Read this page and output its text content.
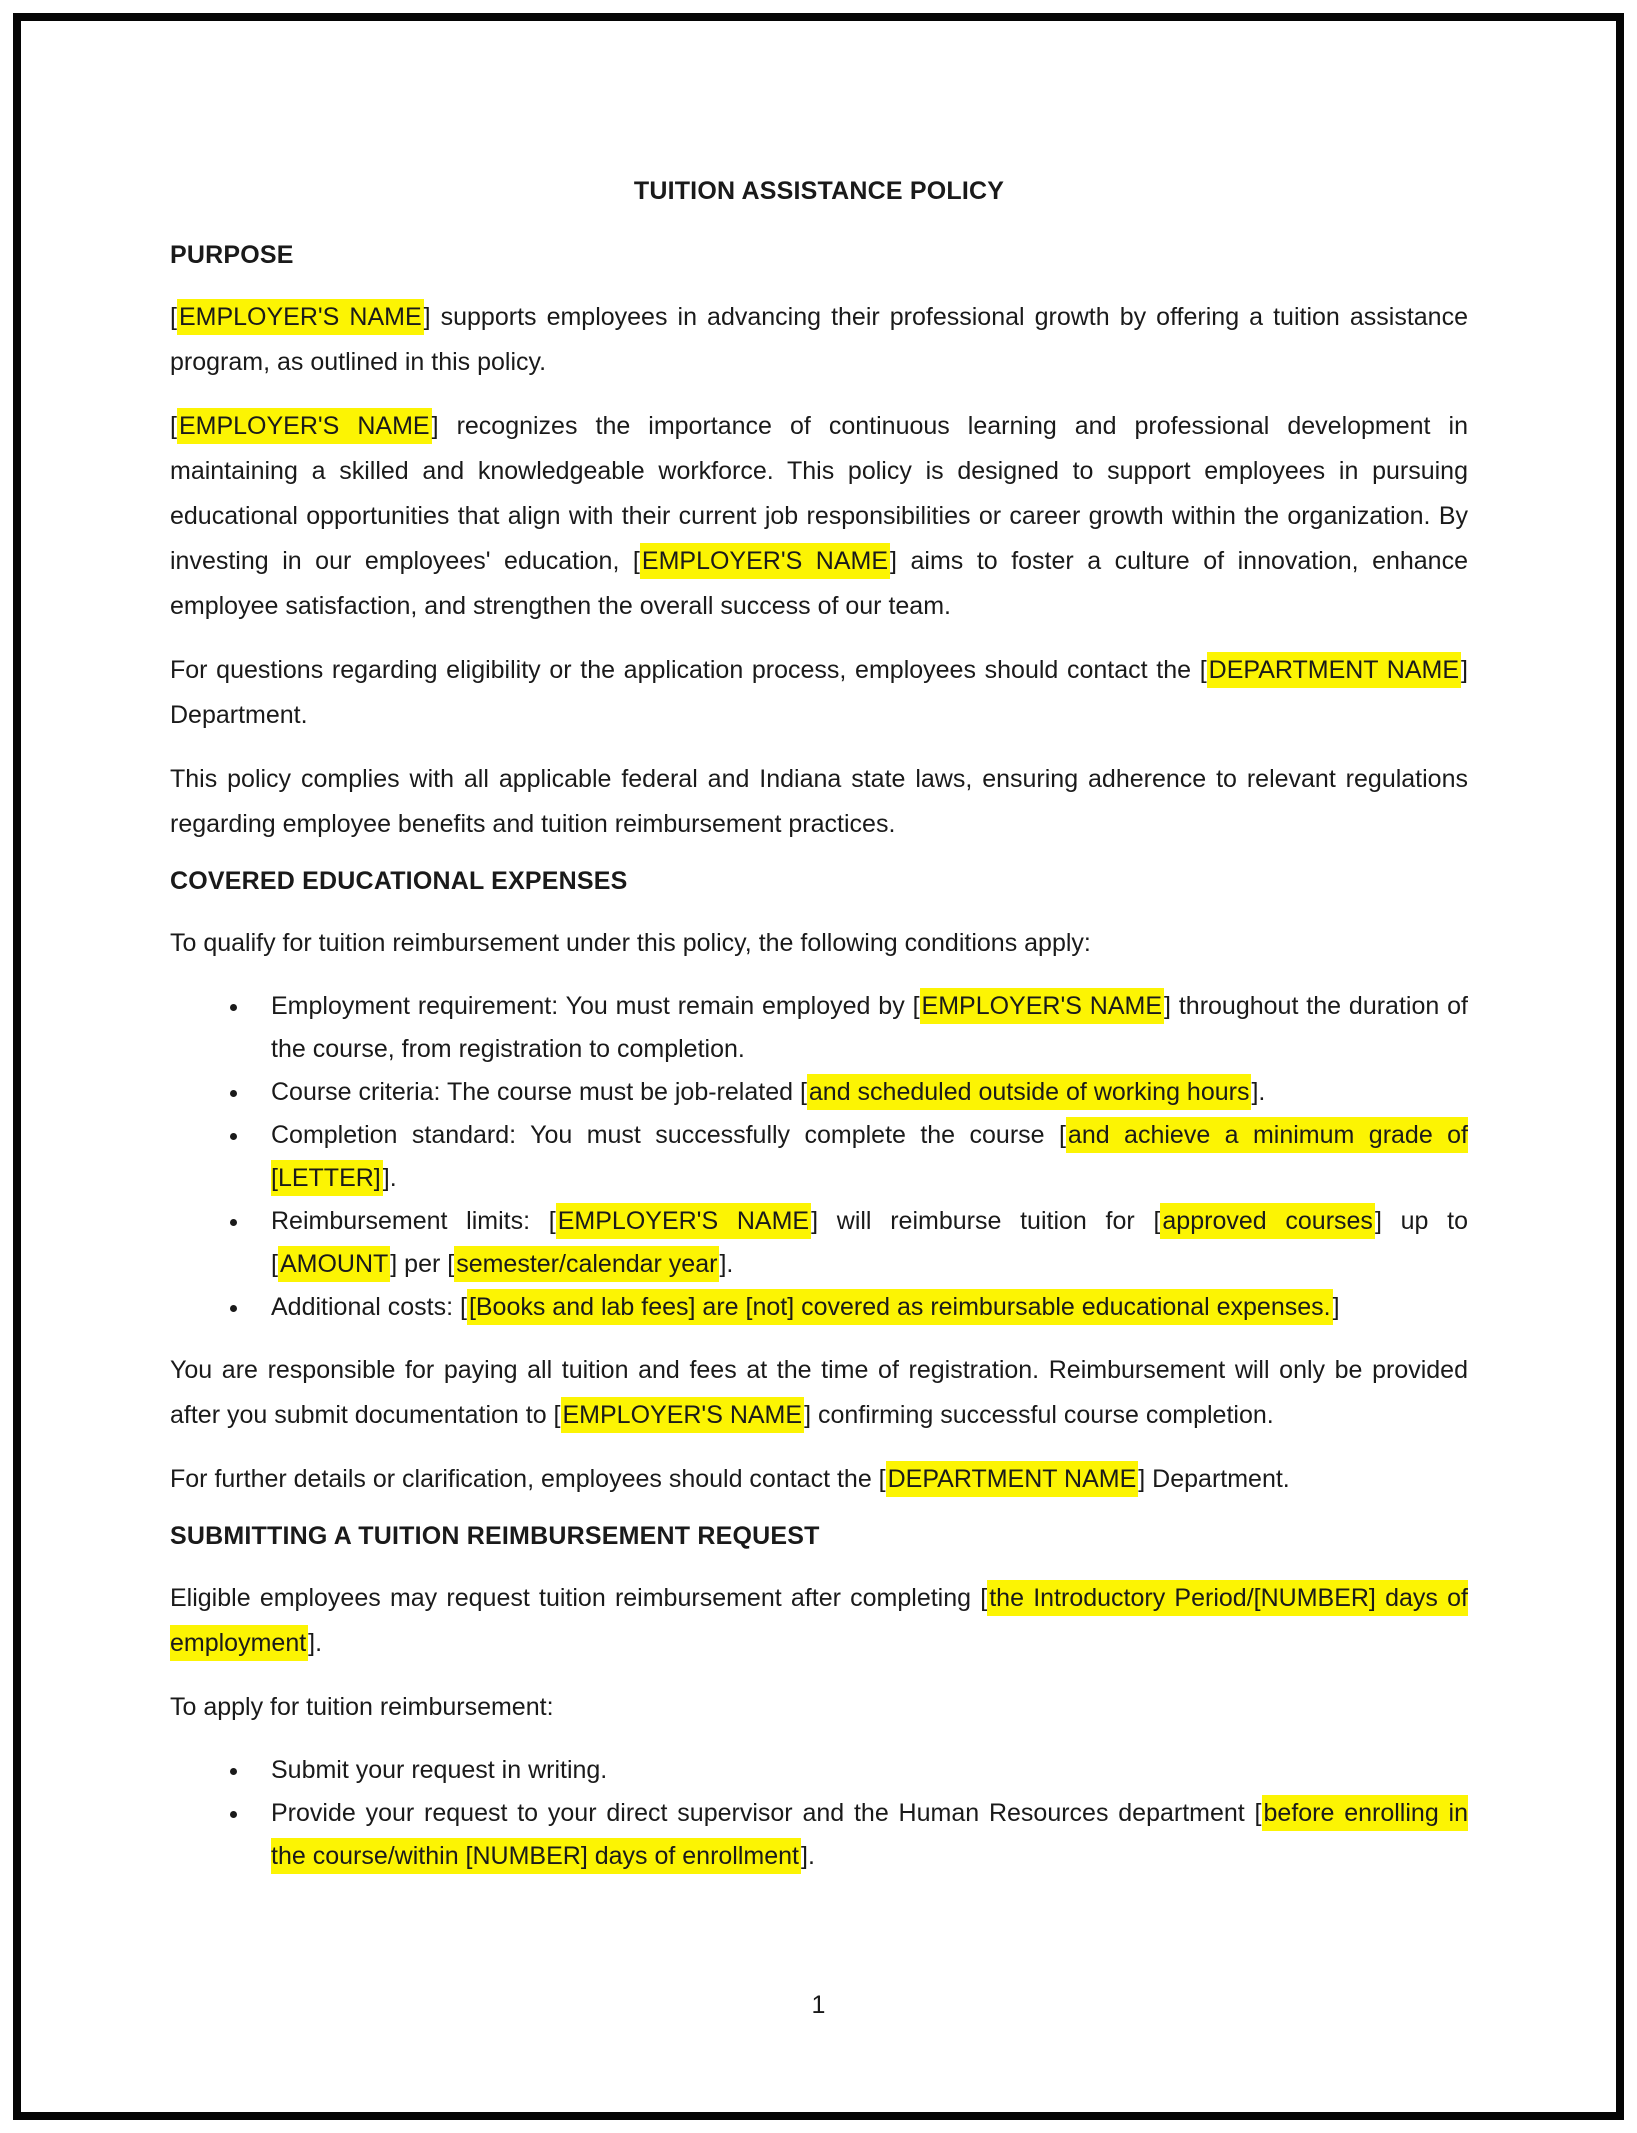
TUITION ASSISTANCE POLICY
PURPOSE

[EMPLOYER'S NAME] supports employees in advancing their professional growth by offering a tuition assistance program, as outlined in this policy.

[EMPLOYER'S NAME] recognizes the importance of continuous learning and professional development in maintaining a skilled and knowledgeable workforce. This policy is designed to support employees in pursuing educational opportunities that align with their current job responsibilities or career growth within the organization. By investing in our employees' education, [EMPLOYER'S NAME] aims to foster a culture of innovation, enhance employee satisfaction, and strengthen the overall success of our team.

For questions regarding eligibility or the application process, employees should contact the [DEPARTMENT NAME] Department.

This policy complies with all applicable federal and Indiana state laws, ensuring adherence to relevant regulations regarding employee benefits and tuition reimbursement practices.

COVERED EDUCATIONAL EXPENSES

To qualify for tuition reimbursement under this policy, the following conditions apply:

• Employment requirement: You must remain employed by [EMPLOYER'S NAME] throughout the duration of the course, from registration to completion.
• Course criteria: The course must be job-related [and scheduled outside of working hours].
• Completion standard: You must successfully complete the course [and achieve a minimum grade of [LETTER]].
• Reimbursement limits: [EMPLOYER'S NAME] will reimburse tuition for [approved courses] up to [AMOUNT] per [semester/calendar year].
• Additional costs: [[Books and lab fees] are [not] covered as reimbursable educational expenses.]

You are responsible for paying all tuition and fees at the time of registration. Reimbursement will only be provided after you submit documentation to [EMPLOYER'S NAME] confirming successful course completion.

For further details or clarification, employees should contact the [DEPARTMENT NAME] Department.

SUBMITTING A TUITION REIMBURSEMENT REQUEST

Eligible employees may request tuition reimbursement after completing [the Introductory Period/[NUMBER] days of employment].

To apply for tuition reimbursement:

• Submit your request in writing.
• Provide your request to your direct supervisor and the Human Resources department [before enrolling in the course/within [NUMBER] days of enrollment].
1
